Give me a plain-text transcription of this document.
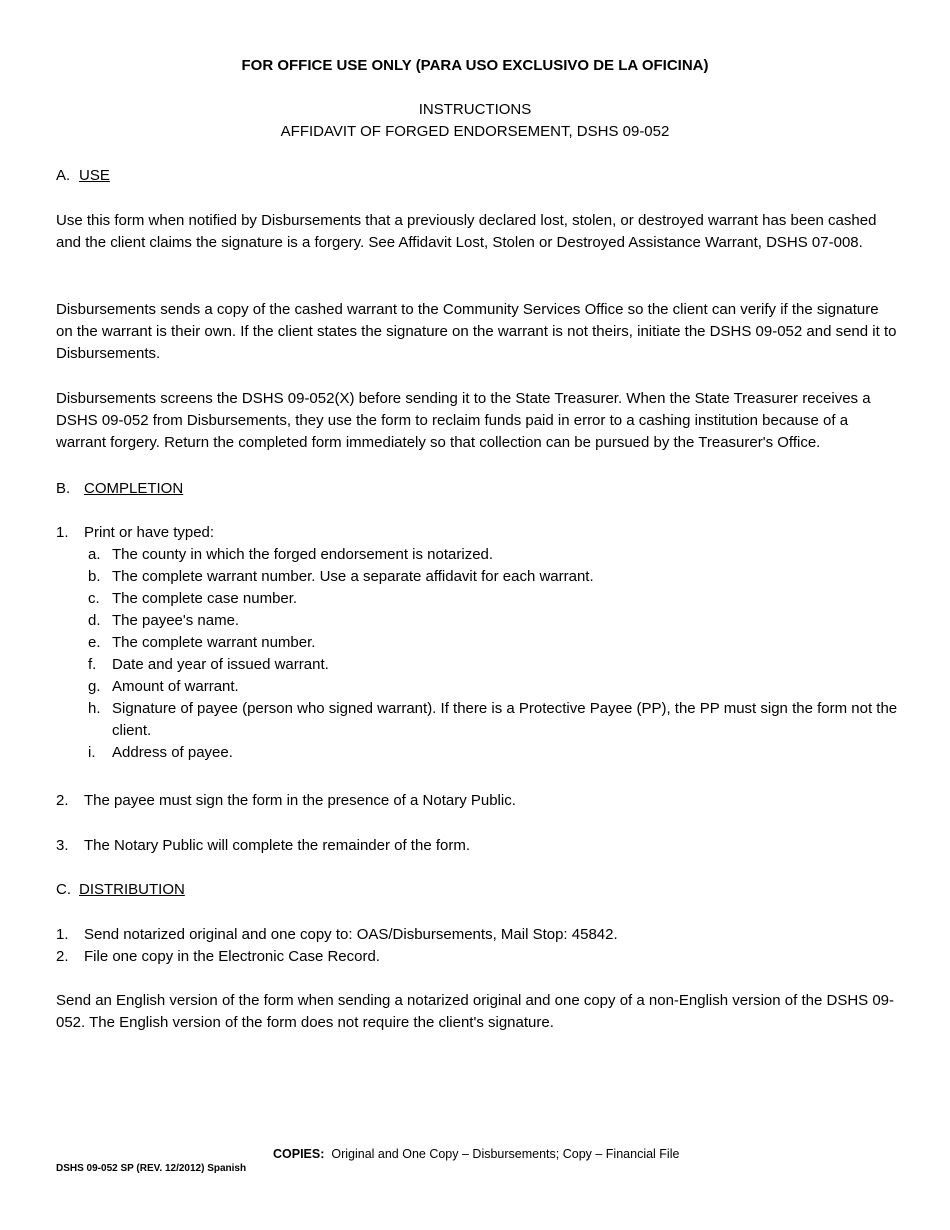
FOR OFFICE USE ONLY (PARA USO EXCLUSIVO DE LA OFICINA)
INSTRUCTIONS
AFFIDAVIT OF FORGED ENDORSEMENT, DSHS 09-052
A. USE
Use this form when notified by Disbursements that a previously declared lost, stolen, or destroyed warrant has been cashed and the client claims the signature is a forgery. See Affidavit Lost, Stolen or Destroyed Assistance Warrant, DSHS 07-008.
Disbursements sends a copy of the cashed warrant to the Community Services Office so the client can verify if the signature on the warrant is their own. If the client states the signature on the warrant is not theirs, initiate the DSHS 09-052 and send it to Disbursements.
Disbursements screens the DSHS 09-052(X) before sending it to the State Treasurer. When the State Treasurer receives a DSHS 09-052 from Disbursements, they use the form to reclaim funds paid in error to a cashing institution because of a warrant forgery. Return the completed form immediately so that collection can be pursued by the Treasurer's Office.
B. COMPLETION
1. Print or have typed:
a. The county in which the forged endorsement is notarized.
b. The complete warrant number. Use a separate affidavit for each warrant.
c. The complete case number.
d. The payee's name.
e. The complete warrant number.
f. Date and year of issued warrant.
g. Amount of warrant.
h. Signature of payee (person who signed warrant). If there is a Protective Payee (PP), the PP must sign the form not the client.
i. Address of payee.
2. The payee must sign the form in the presence of a Notary Public.
3. The Notary Public will complete the remainder of the form.
C. DISTRIBUTION
1. Send notarized original and one copy to: OAS/Disbursements, Mail Stop: 45842.
2. File one copy in the Electronic Case Record.
Send an English version of the form when sending a notarized original and one copy of a non-English version of the DSHS 09-052. The English version of the form does not require the client's signature.
COPIES: Original and One Copy – Disbursements; Copy – Financial File
DSHS 09-052 SP (REV. 12/2012) Spanish
